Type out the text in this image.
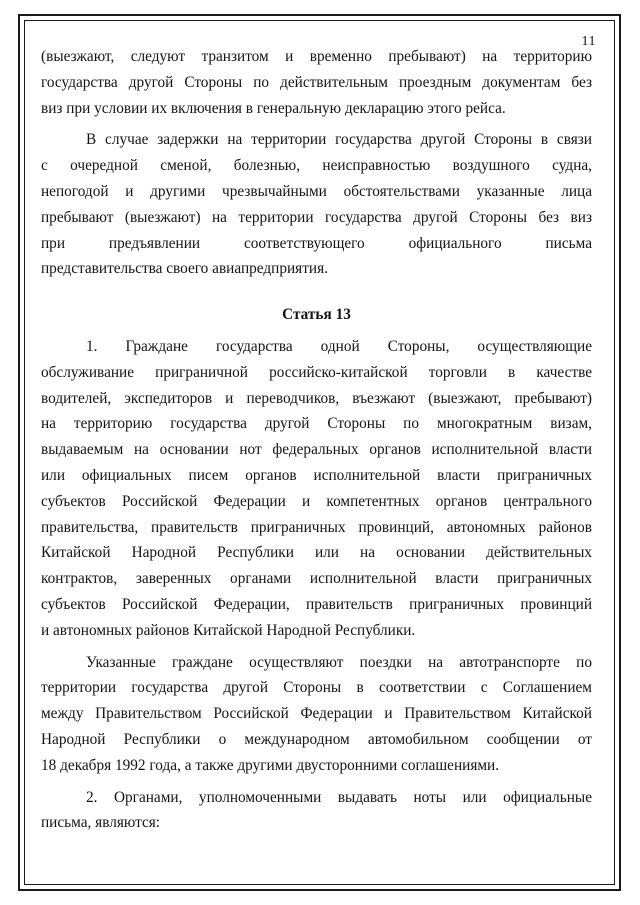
11

(выезжают, следуют транзитом и временно пребывают) на территорию
государства другой Стороны по действительным проездным документам без
виз при условии их включения в генеральную декларацию этого рейса.

В случае задержки на территории государства другой Стороны в связи
с очередной сменой, болезнью, неисправностью воздушного судна,
непогодой и другими чрезвычайными обстоятельствами указанные лица
пребывают (выезжают) на территории государства другой Стороны без виз
при предъявлении соответствующего официального письма
представительства своего авиапредприятия.

Статья 13

1. Граждане государства одной Стороны, осуществляющие
обслуживание приграничной российско-китайской торговли в качестве
водителей, экспедиторов и переводчиков, въезжают (выезжают, пребывают)
на территорию государства другой Стороны по многократным визам,
выдаваемым на основании нот федеральных органов исполнительной власти
или официальных писем органов исполнительной власти приграничных
субъектов Российской Федерации и компетентных органов центрального
правительства, правительств приграничных провинций, автономных районов
Китайской Народной Республики или на основании действительных
контрактов, заверенных органами исполнительной власти приграничных
субъектов Российской Федерации, правительств приграничных провинций
и автономных районов Китайской Народной Республики.

Указанные граждане осуществляют поездки на автотранспорте по
территории государства другой Стороны в соответствии с Соглашением
между Правительством Российской Федерации и Правительством Китайской
Народной Республики о международном автомобильном сообщении от
18 декабря 1992 года, а также другими двусторонними соглашениями.

2. Органами, уполномоченными выдавать ноты или официальные
письма, являются:
